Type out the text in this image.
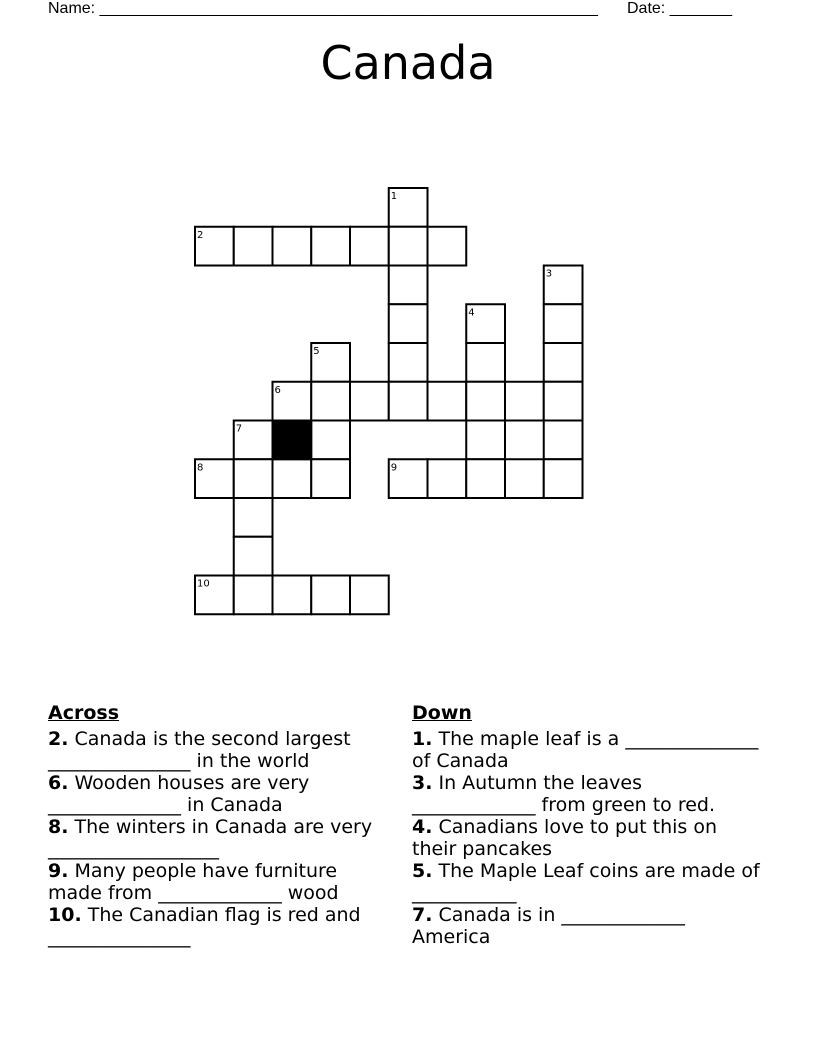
Name: ________________________________________________________ Date: _______
Canada
1
2
3
4
5
6
7
8	9
10
Across
2. Canada is the second largest _______________ in the world
6. Wooden houses are very ______________ in Canada
8. The winters in Canada are very __________________
9. Many people have furniture made from _____________ wood
10. The Canadian flag is red and _______________
Down
1. The maple leaf is a ______________ of Canada
3. In Autumn the leaves _____________ from green to red.
4. Canadians love to put this on their pancakes
5. The Maple Leaf coins are made of ___________
7. Canada is in _____________ America
